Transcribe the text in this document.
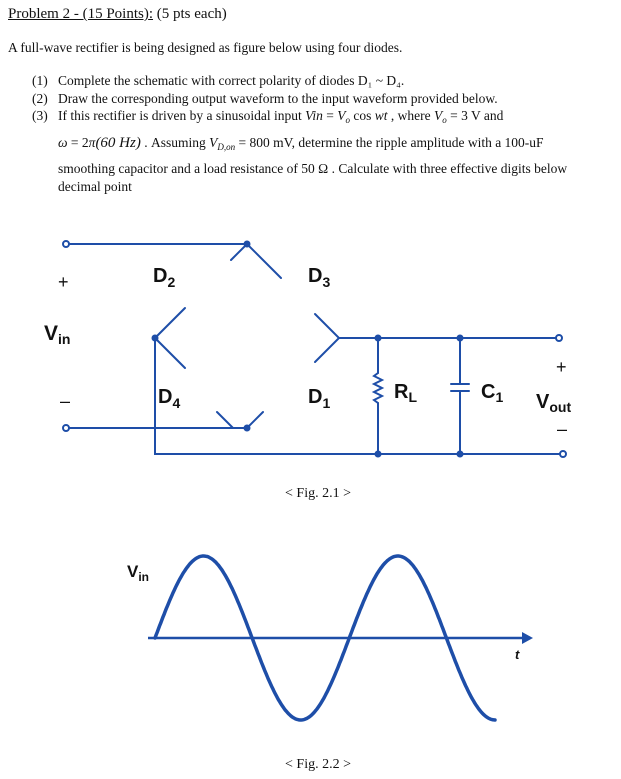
Problem 2 - (15 Points): (5 pts each)
A full-wave rectifier is being designed as figure below using four diodes.
(1) Complete the schematic with correct polarity of diodes D₁ ~ D₄.
(2) Draw the corresponding output waveform to the input waveform provided below.
(3) If this rectifier is driven by a sinusoidal input Vin = $V_o$ cos wt , where $V_o = 3$ V and
ω = 2π(60 Hz) . Assuming $V_{D,on} = 800$ mV, determine the ripple amplitude with a 100-uF
smoothing capacitor and a load resistance of 50 Ω . Calculate with three effective digits below
decimal point
+
Vin
–
$D_2$	$D_3$
$D_4$	$D_1$	$R_L$	$C_1$
+
$V_{out}$
–
< Fig. 2.1 >
$V_{in}$
t
< Fig. 2.2 >
